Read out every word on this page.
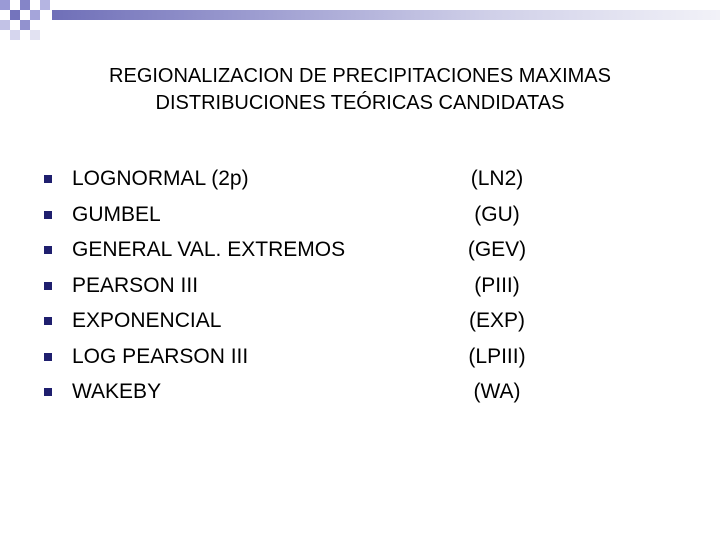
REGIONALIZACION DE PRECIPITACIONES MAXIMAS
DISTRIBUCIONES TEÓRICAS CANDIDATAS
LOGNORMAL (2p)	(LN2)
GUMBEL	(GU)
GENERAL VAL. EXTREMOS	(GEV)
PEARSON III	(PIII)
EXPONENCIAL	(EXP)
LOG PEARSON III	(LPIII)
WAKEBY	(WA)
